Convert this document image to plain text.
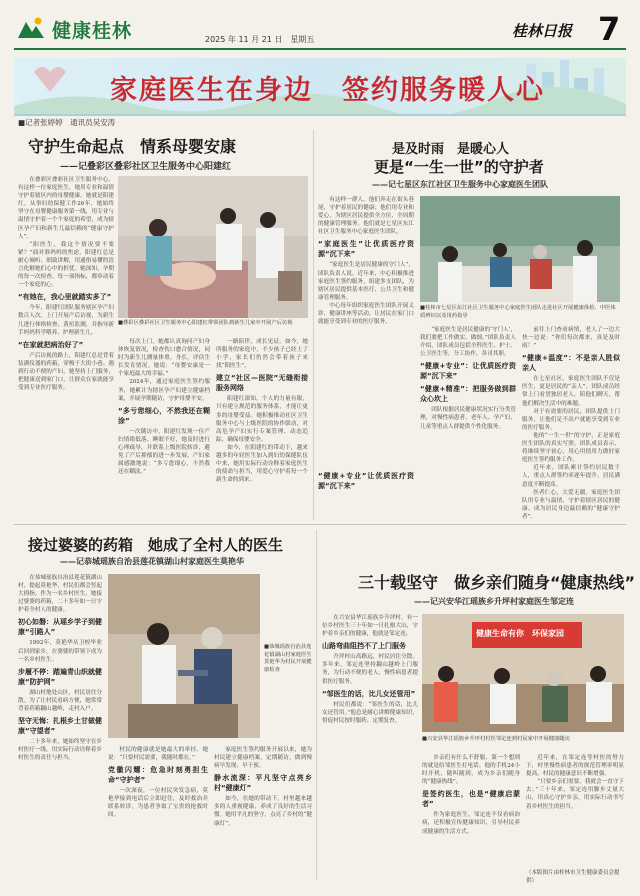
健康桂林	2025 年 11 月 21 日　星期五	桂林日报 7
家庭医生在身边　签约服务暖人心
■记者张婷婷　通讯员吴安涛
守护生命起点　情系母婴安康
——记叠彩区叠彩社区卫生服务中心阳建红

在叠彩区叠彩社区卫生服务中心，有这样一位家庭医生，她用专业和温情守护着辖区内的母婴健康，她就是阳建红。从事妇幼保健工作26年，她始终坚守在母婴健康服务第一线，用专业与温情守护着一个个家庭的希望，成为辖区孕产妇和新生儿最信赖的“健康守护人”。

“阳医生，我这个情况要不要紧？”面对准妈妈的焦虑，阳建红总是耐心倾听、细致讲解，用通俗易懂的语言化解她们心中的担忧。她深知，孕期的每一次检查、每一项指标，都牵动着一个家庭的心。

“有她在，我心里就踏实多了”

今年，阳建红团队服务辖区孕产妇数百人次，上门开展产后访视，为新生儿进行体格检查、黄疸监测，并指导新手妈妈科学喂养、护理新生儿。

“在家就把病治好了”

产后访视的路上，阳建红总是背着装满仪器的药箱，穿梭于大街小巷。遇到行动不便的产妇，她坚持上门服务，把健康送到家门口，让群众在家就能享受到专业医疗服务。

■叠彩区叠彩社区卫生服务中心阳建红带领团队到新生儿家中开展产后访视

每次上门，她都认真询问产妇身体恢复情况，检查伤口愈合情况，同时为新生儿测量体重、身长，评估生长发育情况。她说：“母婴安康是一个家庭最大的幸福。”

2024年，通过家庭医生签约服务，她累计为辖区孕产妇建立健康档案，开展孕期随访，守护母婴平安。

“多亏您细心，不然我还在糊涂”

一次随访中，阳建红发现一位产妇情绪低落、睡眠不好，她及时进行心理疏导，并联系上级医院转诊，避免了产后抑郁的进一步发展。产妇家属感激地说：“多亏您细心，不然我还在糊涂。”

一路陪伴，成长见证。如今，她所服务的家庭中，不少孩子已经上了小学，家长们仍然会带着孩子来找“阳医生”。

建立“社区—医院”无缝衔接服务网络

阳建红深知，个人的力量有限，只有建立规范的服务体系，才能让更多的母婴受益。她积极推动社区卫生服务中心与上级医院的协作联动，对高危孕产妇实行专案管理、动态追踪，确保母婴安全。

如今，在阳建红的带动下，越来越多的年轻医生加入到妇幼保健队伍中来，她用实际行动诠释着家庭医生的使命与担当，用爱心守护着每一个新生命的到来。

是及时雨　是暖心人
更是“一生一世”的守护者
——记七星区东江社区卫生服务中心家庭医生团队

有这样一群人，他们奔走在街头巷尾，守护着居民的健康；他们用专业和爱心，为辖区居民提供全方位、全周期的健康管理服务。他们就是七星区东江社区卫生服务中心家庭医生团队。

“家庭医生”让优质医疗资源“沉下来”

“家庭医生是居民健康的守门人”，团队负责人说。近年来，中心积极推进家庭医生签约服务，组建多支团队，为辖区居民提供基本医疗、公共卫生和健康管理服务。

中心每年组织家庭医生团队开展义诊、健康讲座等活动，让居民在家门口就能享受到专业的医疗服务。

■桂林市七星区东江社区卫生服务中心家庭医生团队走进社区开展健康体检、中医体质辨识以及用药指导

“家庭医生是居民健康的‘守门人’，我们要把工作做实、做细。”团队负责人介绍，团队成员包括全科医生、护士、公卫医生等，分工协作，各司其职。

“健康+专业”：让优质医疗资源“沉下来”

“健康+精准”：把服务做到群众心坎上

团队根据居民健康状况实行分类管理，对慢性病患者、老年人、孕产妇、儿童等重点人群提供个性化服务。

前往上门查看病情，老人了一边大快一边说：“你们每次都来，真是及时雨！”

“健康+温度”：不是亲人胜似亲人

在七星社区，家庭医生团队不仅是医生，更是居民的“亲人”。团队成员经常上门看望独居老人，陪他们聊天，帮他们解决生活中的难题。

对于有需要的居民，团队提供上门服务，让他们足不出户就能享受到专业的医疗服务。

他的“一生一世”的守护，正是家庭医生团队的真实写照。团队成员表示，将继续坚守初心，用心用情用力做好家庭医生签约服务工作。

近年来，团队累计签约居民数千人，重点人群签约率逐年提升，居民满意度不断提高。

医者仁心，大爱无疆。家庭医生团队用专业与温情，守护着辖区居民的健康，成为居民身边最信赖的“健康守护者”。

接过婆婆的药箱　她成了全村人的医生
——记恭城瑶族自治县莲花镇湖山村家庭医生莫艳华

在恭城瑶族自治县莲花镇湖山村，提起莫艳华，村民们都会竖起大拇指。作为一名乡村医生，她接过婆婆的药箱，二十多年如一日守护着全村人的健康。

初心如磐：从瑶乡学子到健康“引路人”

1992年，莫艳华从卫校毕业后回到家乡，在婆婆的带领下成为一名乡村医生。

步履不停：踏遍青山织就健康“防护网”

湖山村地处山区，村民居住分散。为了让村民看病方便，她常常背着药箱翻山越岭，走村入户。

坚守无悔：扎根乡土甘做健康“守望者”

二十多年来，她始终坚守在乡村医疗一线，用实际行动诠释着乡村医生的责任与担当。

■恭城瑶族自治县莲花镇湖山村家庭医生莫艳华为村民开展健康检查

村民的健康就是她最大的牵挂。她说：“只要村民需要，我随时都在。”

党徽闪耀：危急时刻勇担生命“守护者”

一次深夜，一位村民突发急病，莫艳华接到电话后立即赶往，及时救治并联系转诊，为患者争取了宝贵的抢救时间。

家庭医生签约服务开展以来，她为村民建立健康档案，定期随访，做到慢病早发现、早干预。

静水流深：平凡坚守点亮乡村“健康灯”

如今，在她的带动下，村里越来越多的人重视健康，养成了良好的生活习惯。她用平凡的坚守，点亮了乡村的“健康灯”。

三十载坚守　做乡亲们随身“健康热线”
——记兴安华江瑶族乡升坪村家庭医生邹定连

在兴安县华江瑶族乡升坪村，有一位乡村医生三十年如一日扎根大山，守护着乡亲们的健康，他就是邹定连。

山路弯曲阻挡不了上门服务

升坪村山高路远，村民居住分散。多年来，邹定连坚持翻山越岭上门服务，为行动不便的老人、慢性病患者提供医疗服务。

“邹医生的话，比儿女还管用”

村民们都说：“邹医生的话，比儿女还管用。”他总是耐心讲解健康知识，督促村民按时服药、定期复查。

健康生命有你　环保家园
■兴安县华江瑶族乡升坪村村医邹定连到村民家中开展健康随访

乡亲们有什么不舒服，第一个想到的就是给邹医生打电话。他的手机24小时开机，随叫随到，成为乡亲们随身的“健康热线”。

是签约医生，也是“健康启蒙者”

作为家庭医生，邹定连不仅看病治病，还积极宣传健康知识，引导村民养成健康的生活方式。

近年来，在邹定连等村医的努力下，村里慢性病患者的规范管理率明显提高，村民的健康意识不断增强。

“只要乡亲们需要，我就会一直守下去。”三十年来，邹定连用脚步丈量大山，用真心守护乡亲，用实际行动书写着乡村医生的担当。

（本版图片由桂林市卫生健康委员会提供）

“健康+专业”让优质医疗资源“沉下来”
